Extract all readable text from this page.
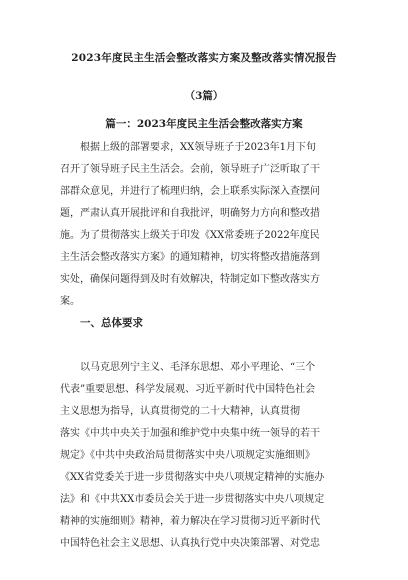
2023年度民主生活会整改落实方案及整改落实情况报告
（3篇）
篇一：2023年度民主生活会整改落实方案
　　根据上级的部署要求，XX领导班子于2023年1月下旬
召开了领导班子民主生活会。会前，领导班子广泛听取了干
部群众意见，并进行了梳理归纳，会上联系实际深入查摆问
题，严肃认真开展批评和自我批评，明确努力方向和整改措
施。为了贯彻落实上级关于印发《XX常委班子2022年度民
主生活会整改落实方案》的通知精神，切实将整改措施落到
实处，确保问题得到及时有效解决，特制定如下整改落实方
案。
一、总体要求
　　以马克思列宁主义、毛泽东思想、邓小平理论、“三个
代表”重要思想、科学发展观、习近平新时代中国特色社会
主义思想为指导，认真贯彻党的二十大精神，认真贯彻
落实《中共中央关于加强和维护党中央集中统一领导的若干
规定》《中共中央政治局贯彻落实中央八项规定实施细则》
《XX省党委关于进一步贯彻落实中央八项规定精神的实施办
法》和《中共XX市委员会关于进一步贯彻落实中央八项规定
精神的实施细则》精神，着力解决在学习贯彻习近平新时代
中国特色社会主义思想、认真执行党中央决策部署、对党忠
